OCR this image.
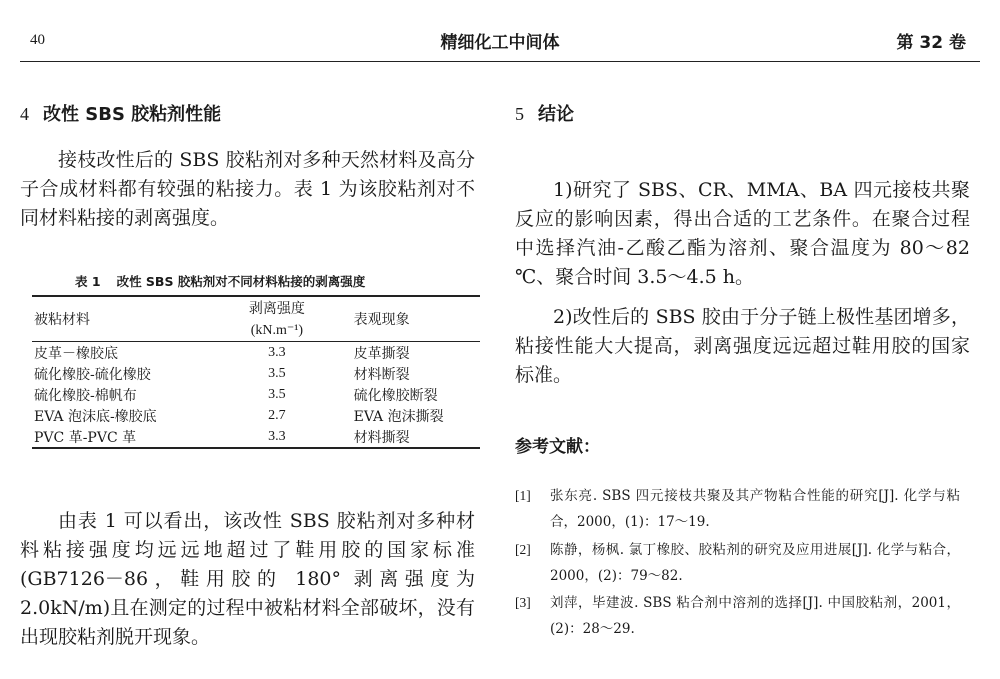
40	精细化工中间体	第 32 卷
4 改性 SBS 胶粘剂性能

接枝改性后的 SBS 胶粘剂对多种天然材料及高分子合成材料都有较强的粘接力。表 1 为该胶粘剂对不同材料粘接的剥离强度。

表 1 改性 SBS 胶粘剂对不同材料粘接的剥离强度
被粘材料	剥离强度	表观现象
	(kN.m⁻¹)	
皮革－橡胶底	3.3	皮革撕裂
硫化橡胶-硫化橡胶	3.5	材料断裂
硫化橡胶-棉帆布	3.5	硫化橡胶断裂
EVA 泡沫底-橡胶底	2.7	EVA 泡沫撕裂
PVC 革-PVC 革	3.3	材料撕裂

由表 1 可以看出，该改性 SBS 胶粘剂对多种材料粘接强度均远远地超过了鞋用胶的国家标准(GB7126－86，鞋用胶的 180° 剥离强度为 2.0kN/m)且在测定的过程中被粘材料全部破坏，没有出现胶粘剂脱开现象。

5 结论

1)研究了 SBS、CR、MMA、BA 四元接枝共聚反应的影响因素，得出合适的工艺条件。在聚合过程中选择汽油-乙酸乙酯为溶剂、聚合温度为 80～82 ℃、聚合时间 3.5～4.5 h。

2)改性后的 SBS 胶由于分子链上极性基团增多，粘接性能大大提高，剥离强度远远超过鞋用胶的国家标准。

参考文献：
[1] 张东亮. SBS 四元接枝共聚及其产物粘合性能的研究[J]. 化学与粘合，2000，(1)：17～19.
[2] 陈静，杨枫. 氯丁橡胶、胶粘剂的研究及应用进展[J]. 化学与粘合，2000，(2)：79～82.
[3] 刘萍，毕建波. SBS 粘合剂中溶剂的选择[J]. 中国胶粘剂，2001，(2)：28～29.
